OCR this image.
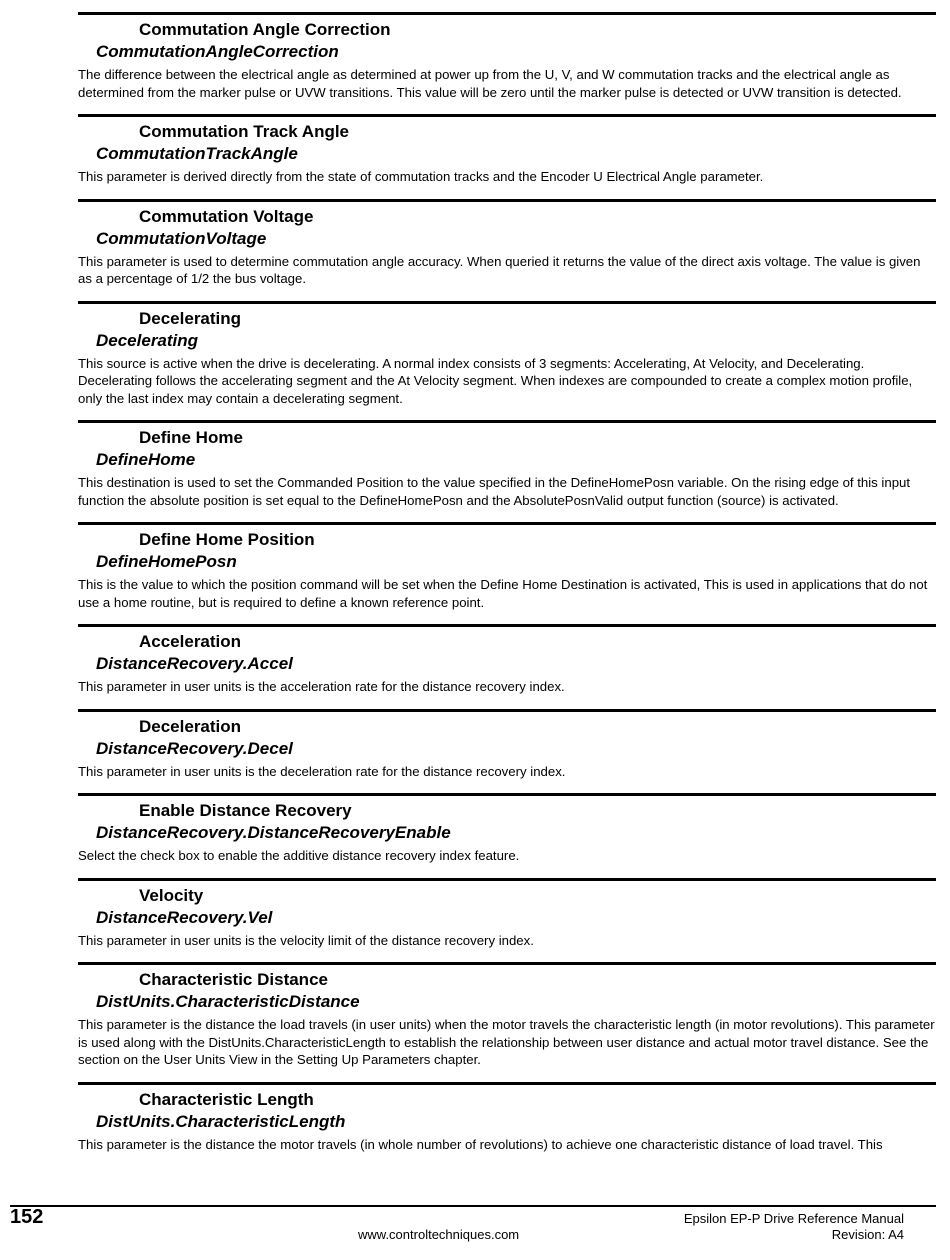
Commutation Angle Correction
CommutationAngleCorrection
The difference between the electrical angle as determined at power up from the U, V, and W commutation tracks and the electrical angle as determined from the marker pulse or UVW transitions. This value will be zero until the marker pulse is detected or UVW transition is detected.
Commutation Track Angle
CommutationTrackAngle
This parameter is derived directly from the state of commutation tracks and the Encoder U Electrical Angle parameter.
Commutation Voltage
CommutationVoltage
This parameter is used to determine commutation angle accuracy. When queried it returns the value of the direct axis voltage. The value is given as a percentage of 1/2 the bus voltage.
Decelerating
Decelerating
This source is active when the drive is decelerating. A normal index consists of 3 segments: Accelerating, At Velocity, and Decelerating. Decelerating follows the accelerating segment and the At Velocity segment. When indexes are compounded to create a complex motion profile, only the last index may contain a decelerating segment.
Define Home
DefineHome
This destination is used to set the Commanded Position to the value specified in the DefineHomePosn variable. On the rising edge of this input function the absolute position is set equal to the DefineHomePosn and the AbsolutePosnValid output function (source) is activated.
Define Home Position
DefineHomePosn
This is the value to which the position command will be set when the Define Home Destination is activated, This is used in applications that do not use a home routine, but is required to define a known reference point.
Acceleration
DistanceRecovery.Accel
This parameter in user units is the acceleration rate for the distance recovery index.
Deceleration
DistanceRecovery.Decel
This parameter in user units is the deceleration rate for the distance recovery index.
Enable Distance Recovery
DistanceRecovery.DistanceRecoveryEnable
Select the check box to enable the additive distance recovery index feature.
Velocity
DistanceRecovery.Vel
This parameter in user units is the velocity limit of the distance recovery index.
Characteristic Distance
DistUnits.CharacteristicDistance
This parameter is the distance the load travels (in user units) when the motor travels the characteristic length (in motor revolutions). This parameter is used along with the DistUnits.CharacteristicLength to establish the relationship between user distance and actual motor travel distance. See the section on the User Units View in the Setting Up Parameters chapter.
Characteristic Length
DistUnits.CharacteristicLength
This parameter is the distance the motor travels (in whole number of revolutions) to achieve one characteristic distance of load travel. This
152
www.controltechniques.com
Epsilon EP-P Drive Reference Manual
Revision: A4
